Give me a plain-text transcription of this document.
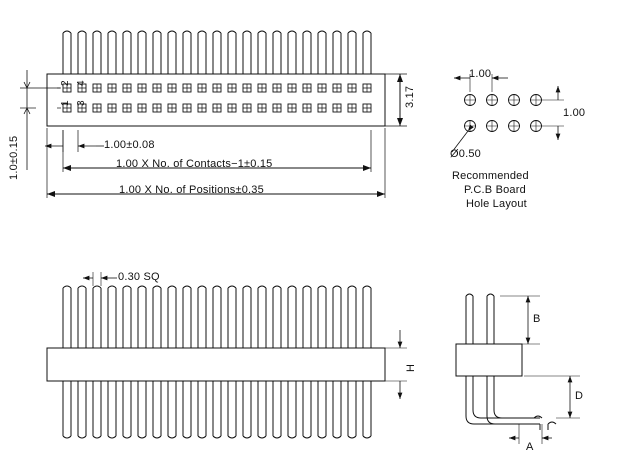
3.17
1.0±0.15	1.00±0.08
1.00 X No. of Contacts−1±0.15
1.00 X No. of Positions±0.35
1
2
3
4
1.00
1.00
Ø0.50
Recommended
P.C.B Board
Hole Layout
0.30 SQ
H
B
D
A
